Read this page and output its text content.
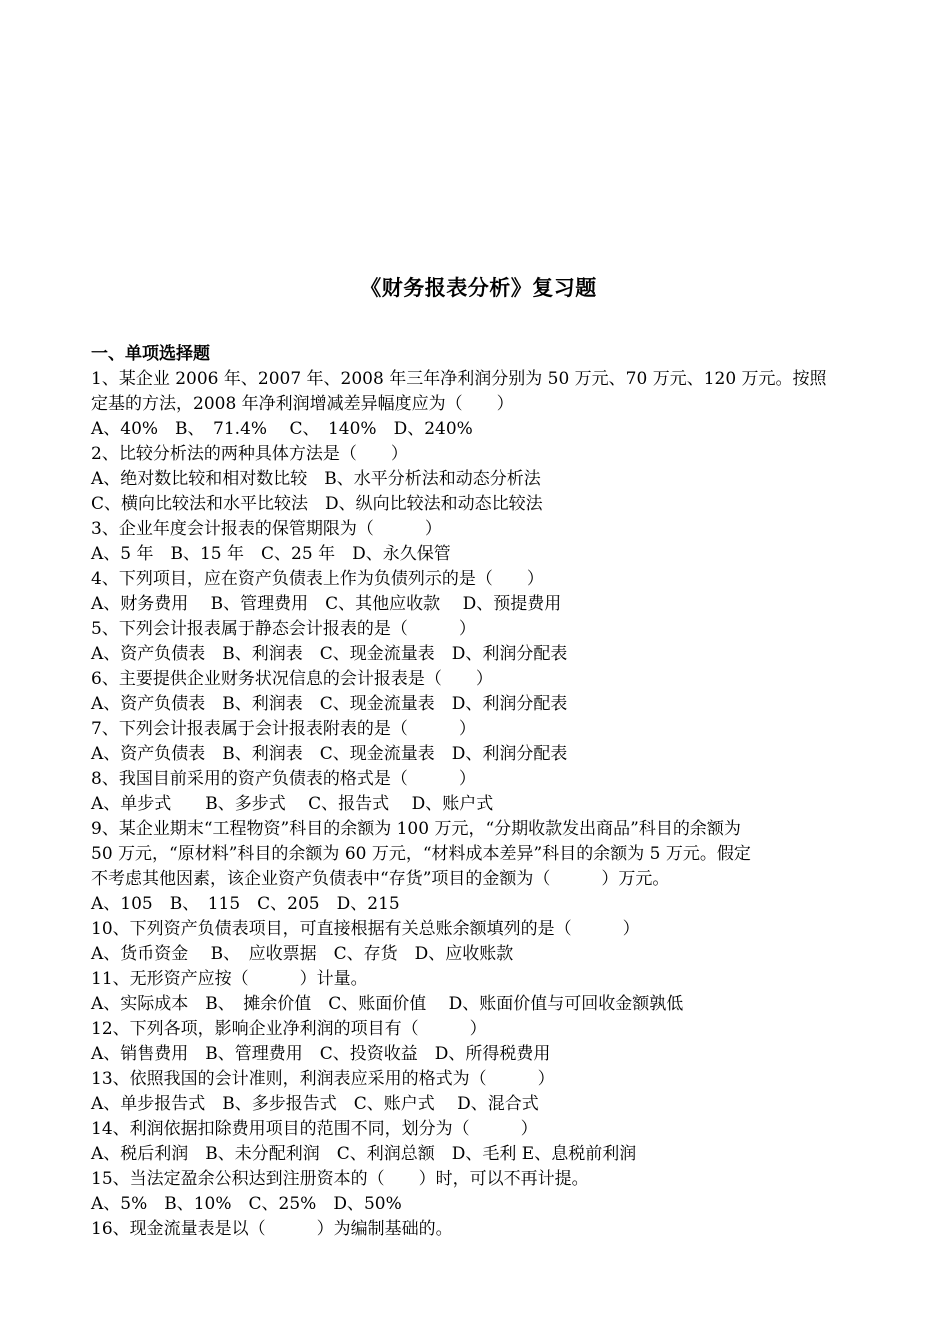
《财务报表分析》复习题

一、单项选择题

1、某企业 2006 年、2007 年、2008 年三年净利润分别为 50 万元、70 万元、120 万元。按照

定基的方法，2008 年净利润增减差异幅度应为（　　）

A、40%　B、　71.4%　 C、　140%　D、240%

2、比较分析法的两种具体方法是（　　）

A、绝对数比较和相对数比较　B、水平分析法和动态分析法

C、横向比较法和水平比较法　D、纵向比较法和动态比较法

3、企业年度会计报表的保管期限为（　　　）

A、5 年　B、15 年　C、25 年　D、永久保管

4、下列项目，应在资产负债表上作为负债列示的是（　　）

A、财务费用　 B、管理费用　C、其他应收款　 D、预提费用

5、下列会计报表属于静态会计报表的是（　　　）

A、资产负债表　B、利润表　C、现金流量表　D、利润分配表

6、主要提供企业财务状况信息的会计报表是（　　）

A、资产负债表　B、利润表　C、现金流量表　D、利润分配表

7、下列会计报表属于会计报表附表的是（　　　）

A、资产负债表　B、利润表　C、现金流量表　D、利润分配表

8、我国目前采用的资产负债表的格式是（　　　）

A、单步式　　B、多步式　 C、报告式　 D、账户式

9、某企业期末“工程物资”科目的余额为 100 万元，“分期收款发出商品”科目的余额为

50 万元，“原材料”科目的余额为 60 万元，“材料成本差异”科目的余额为 5 万元。假定

不考虑其他因素，该企业资产负债表中“存货”项目的金额为（　　　）万元。

A、105　B、　115　C、205　D、215

10、下列资产负债表项目，可直接根据有关总账余额填列的是（　　　）

A、货币资金　 B、　应收票据　C、存货　D、应收账款

11、无形资产应按（　　　）计量。

A、实际成本　B、　摊余价值　C、账面价值　 D、账面价值与可回收金额孰低

12、下列各项，影响企业净利润的项目有（　　　）

A、销售费用　B、管理费用　C、投资收益　D、所得税费用

13、依照我国的会计准则，利润表应采用的格式为（　　　）

A、单步报告式　B、多步报告式　C、账户式　 D、混合式

14、利润依据扣除费用项目的范围不同，划分为（　　　）

A、税后利润　B、未分配利润　C、利润总额　D、毛利 E、息税前利润

15、当法定盈余公积达到注册资本的（　　）时，可以不再计提。

A、5%　B、10%　C、25%　D、50%

16、现金流量表是以（　　　）为编制基础的。
